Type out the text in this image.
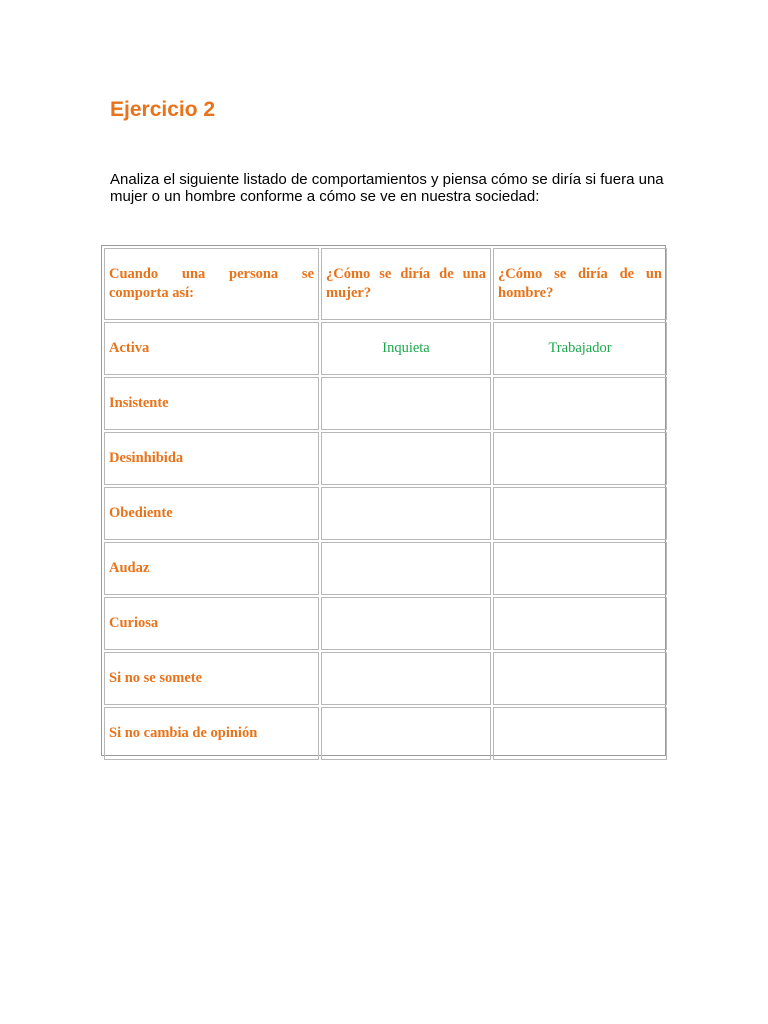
Ejercicio 2

Analiza el siguiente listado de comportamientos y piensa cómo se diría si fuera una mujer o un hombre conforme a cómo se ve en nuestra sociedad:

Cuando una persona se comporta así:	¿Cómo se diría de una mujer?	¿Cómo se diría de un hombre?
Activa	Inquieta	Trabajador
Insistente		
Desinhibida		
Obediente		
Audaz		
Curiosa		
Si no se somete		
Si no cambia de opinión		
